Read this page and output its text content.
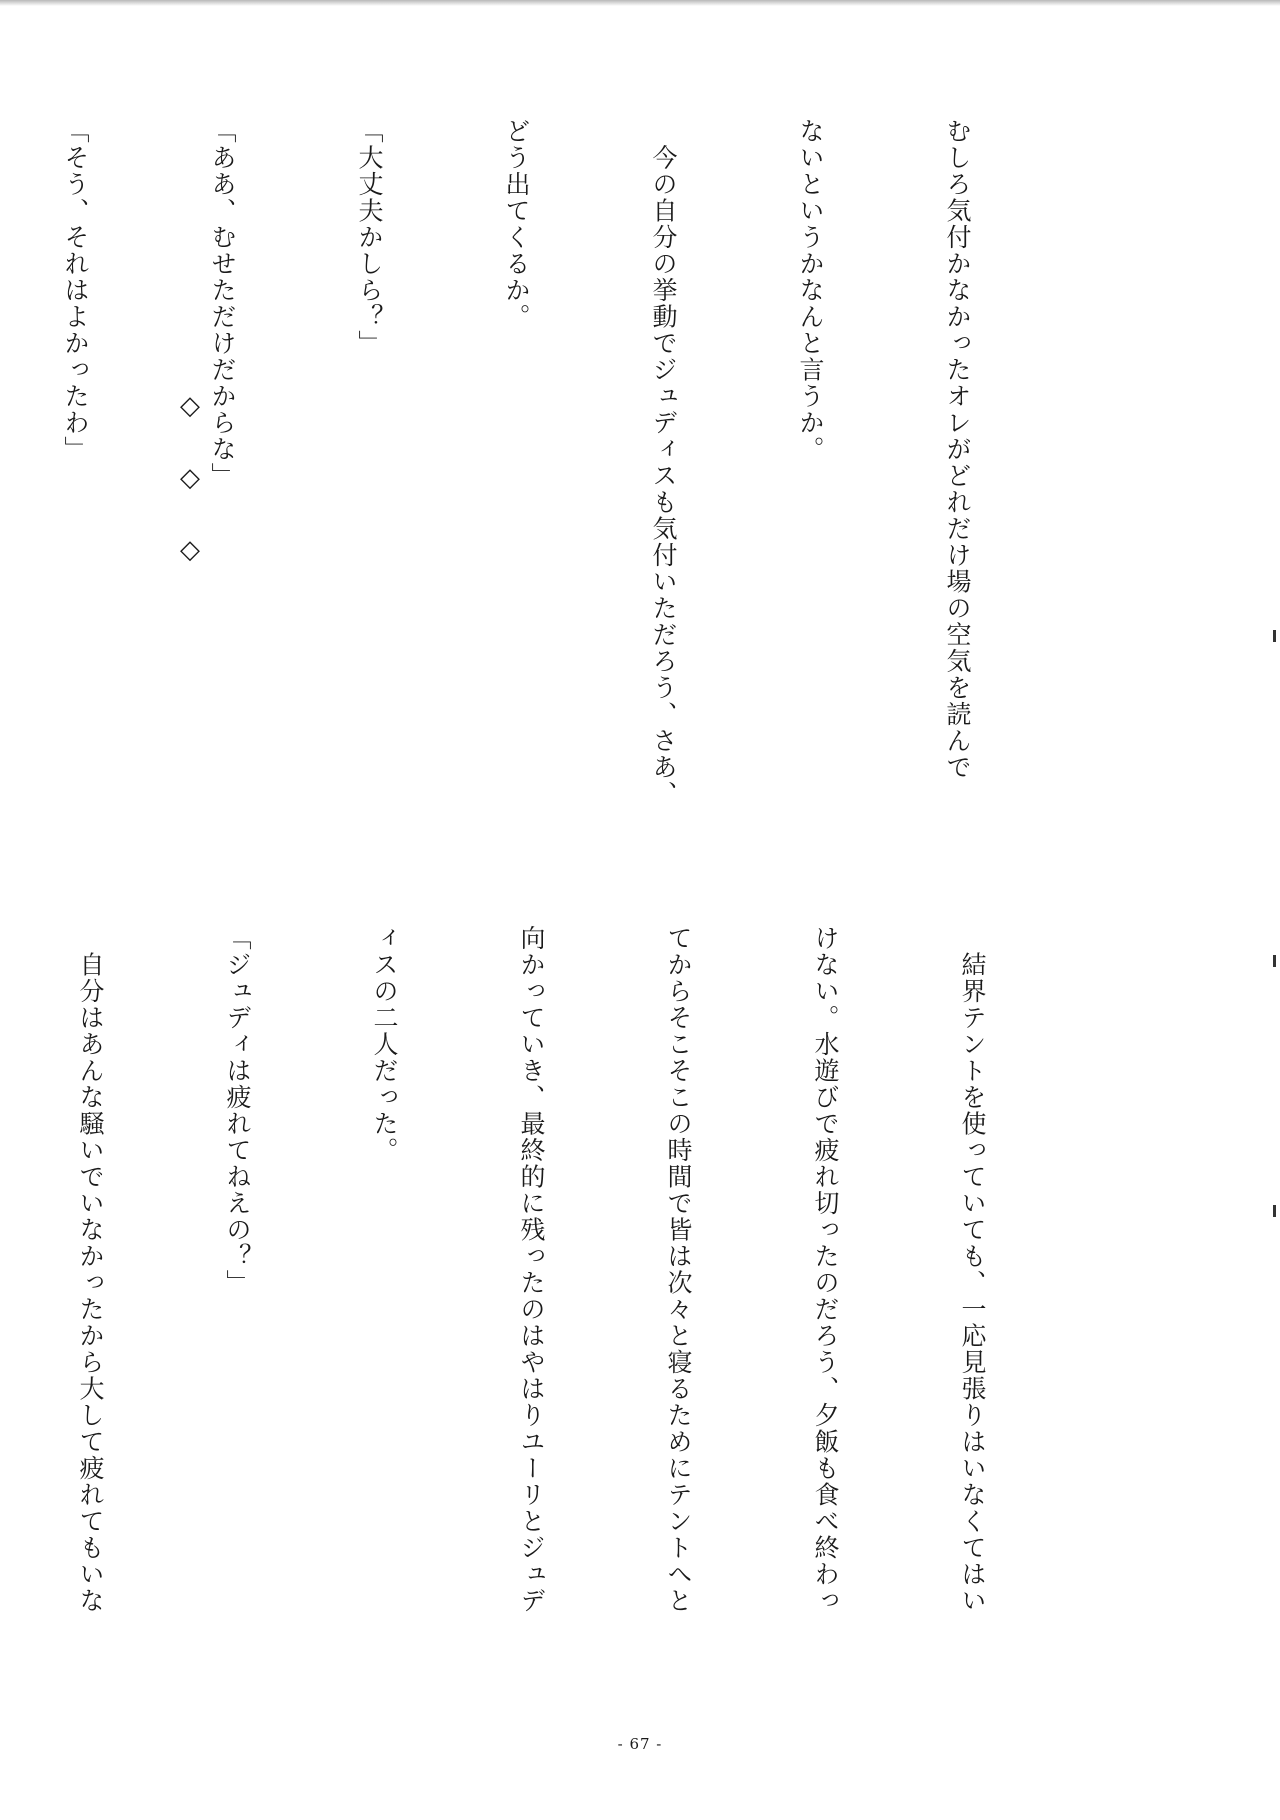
むしろ気付かなかったオレがどれだけ場の空気を読んで

ないというかなんと言うか。

　今の自分の挙動でジュディスも気付いただろう、さあ、

どう出てくるか。

「大丈夫かしら？」

「ああ、むせただけだからな」

「そう、それはよかったわ」

	◇
◇
◇

　結界テントを使っていても、一応見張りはいなくてはい

けない。水遊びで疲れ切ったのだろう、夕飯も食べ終わっ

てからそこそこの時間で皆は次々と寝るためにテントへと

向かっていき、最終的に残ったのはやはりユーリとジュデ

ィスの二人だった。

「ジュディは疲れてねえの？」

　自分はあんな騒いでいなかったから大して疲れてもいな

- 67 -
